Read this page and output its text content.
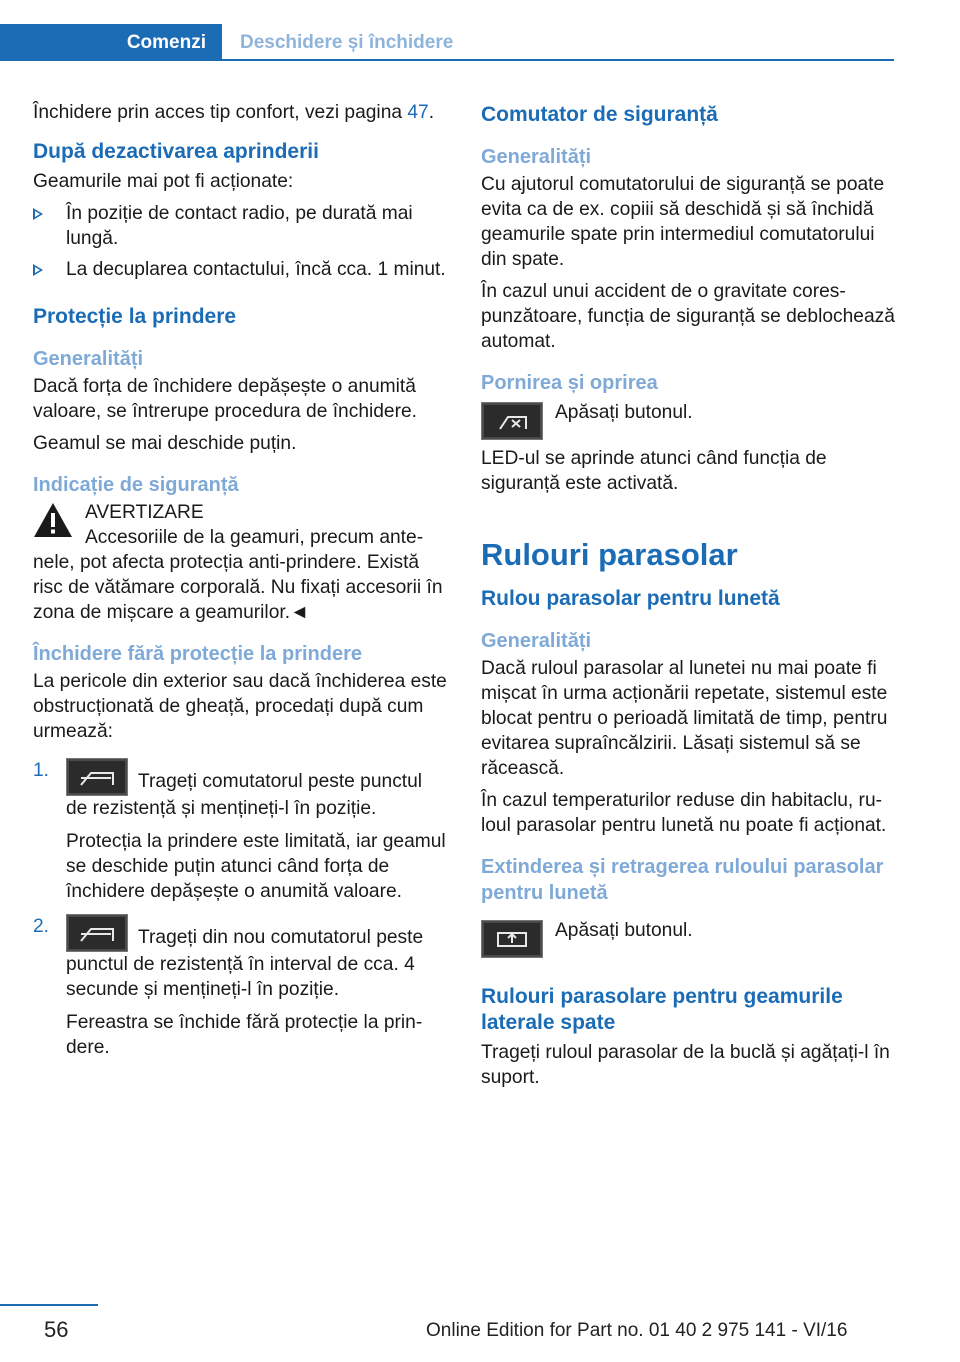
Comenzi	Deschidere și închidere

Închidere prin acces tip confort, vezi pagina 47.

După dezactivarea aprinderii

Geamurile mai pot fi acționate:

În poziție de contact radio, pe durată mai lungă.
La decuplarea contactului, încă cca. 1 minut.
Protecție la prindere
Generalități

Dacă forța de închidere depășește o anumită valoare, se întrerupe procedura de închidere.

Geamul se mai deschide puțin.

Indicație de siguranță
AVERTIZARE

Accesoriile de la geamuri, precum antenele, pot afecta protecția anti-prindere. Există risc de vătămare corporală. Nu fixați accesorii în zona de mișcare a geamurilor.◄

Închidere fără protecție la prindere

La pericole din exterior sau dacă închiderea este obstrucționată de gheață, procedați după cum urmează:

1.
Trageți comutatorul peste punctul de rezistență și mențineți-l în poziție.

Protecția la prindere este limitată, iar geamul se deschide puțin atunci când forța de închidere depășește o anumită valoare.

2.
Trageți din nou comutatorul peste punctul de rezistență în interval de cca. 4 secunde și mențineți-l în poziție.

Fereastra se închide fără protecție la prindere.

Comutator de siguranță
Generalități

Cu ajutorul comutatorului de siguranță se poate evita ca de ex. copiii să deschidă și să închidă geamurile spate prin intermediul comutatorului din spate.

În cazul unui accident de o gravitate corespunzătoare, funcția de siguranță se deblochează automat.

Pornirea și oprirea

Apăsați butonul.

LED-ul se aprinde atunci când funcția de siguranță este activată.

Rulouri parasolar
Rulou parasolar pentru lunetă
Generalități

Dacă ruloul parasolar al lunetei nu mai poate fi mișcat în urma acționării repetate, sistemul este blocat pentru o perioadă limitată de timp, pentru evitarea supraîncălzirii. Lăsați sistemul să se răcească.

În cazul temperaturilor reduse din habitaclu, ruloul parasolar pentru lunetă nu poate fi acționat.

Extinderea și retragerea ruloului parasolar pentru lunetă

Apăsați butonul.

Rulouri parasolare pentru geamurile laterale spate

Trageți ruloul parasolar de la buclă și agățați-l în suport.

56	Online Edition for Part no. 01 40 2 975 141 - VI/16
